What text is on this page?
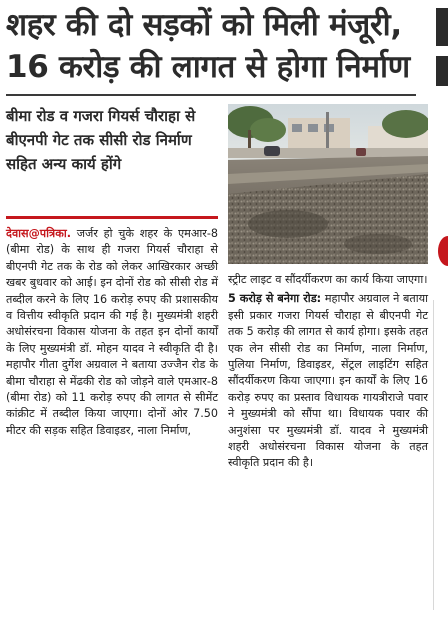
शहर की दो सड़कों को मिली मंजूरी,
16 करोड़ की लागत से होगा निर्माण
बीमा रोड व गजरा गियर्स चौराहा से बीएनपी गेट तक सीसी रोड निर्माण सहित अन्य कार्य होंगे

देवास@पत्रिका. जर्जर हो चुके शहर के एमआर-8 (बीमा रोड) के साथ ही गजरा गियर्स चौराहा से बीएनपी गेट तक के रोड को लेकर आखिरकार अच्छी खबर बुधवार को आई। इन दोनों रोड को सीसी रोड में तब्दील करने के लिए 16 करोड़ रुपए की प्रशासकीय व वित्तीय स्वीकृति प्रदान की गई है। मुख्यमंत्री शहरी अधोसंरचना विकास योजना के तहत इन दोनों कार्यों के लिए मुख्यमंत्री डॉ. मोहन यादव ने स्वीकृति दी है। महापौर गीता दुर्गेश अग्रवाल ने बताया उज्जैन रोड के बीमा चौराहा से मेंढकी रोड को जोड़ने वाले एमआर-8 (बीमा रोड) को 11 करोड़ रुपए की लागत से सीमेंट कांक्रीट में तब्दील किया जाएगा। दोनों ओर 7.50 मीटर की सड़क सहित डिवाइडर, नाला निर्माण,

स्ट्रीट लाइट व सौंदर्यीकरण का कार्य किया जाएगा।

5 करोड़ से बनेगा रोड: महापौर अग्रवाल ने बताया इसी प्रकार गजरा गियर्स चौराहा से बीएनपी गेट तक 5 करोड़ की लागत से कार्य होगा। इसके तहत एक लेन सीसी रोड का निर्माण, नाला निर्माण, पुलिया निर्माण, डिवाइडर, सेंट्रल लाइटिंग सहित सौंदर्यीकरण किया जाएगा। इन कार्यों के लिए 16 करोड़ रुपए का प्रस्ताव विधायक गायत्रीराजे पवार ने मुख्यमंत्री को सौंपा था। विधायक पवार की अनुशंसा पर मुख्यमंत्री डॉ. यादव ने मुख्यमंत्री शहरी अधोसंरचना विकास योजना के तहत स्वीकृति प्रदान की है।
